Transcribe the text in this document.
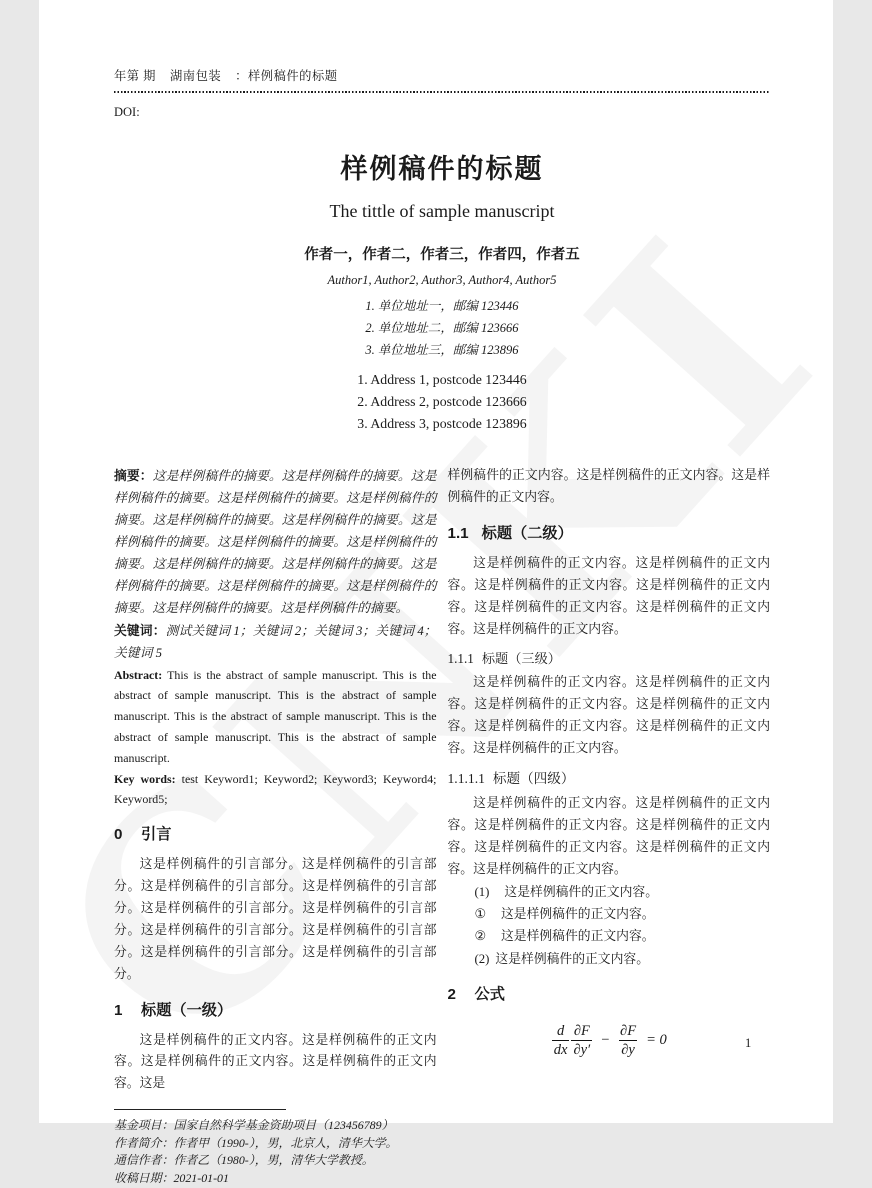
年第 期 湖南包装 ：样例稿件的标题
DOI:
样例稿件的标题
The tittle of sample manuscript
作者一，作者二，作者三，作者四，作者五
Author1, Author2, Author3, Author4, Author5
1. 单位地址一，邮编 123446
2. 单位地址二，邮编 123666
3. 单位地址三，邮编 123896
1. Address 1, postcode 123446
2. Address 2, postcode 123666
3. Address 3, postcode 123896

摘要：这是样例稿件的摘要。这是样例稿件的摘要。这是样例稿件的摘要。这是样例稿件的摘要。这是样例稿件的摘要。这是样例稿件的摘要。这是样例稿件的摘要。这是样例稿件的摘要。这是样例稿件的摘要。这是样例稿件的摘要。这是样例稿件的摘要。这是样例稿件的摘要。这是样例稿件的摘要。这是样例稿件的摘要。这是样例稿件的摘要。这是样例稿件的摘要。这是样例稿件的摘要。

关键词：测试关键词 1；关键词 2；关键词 3；关键词 4；关键词 5

Abstract: This is the abstract of sample manuscript. This is the abstract of sample manuscript. This is the abstract of sample manuscript. This is the abstract of sample manuscript. This is the abstract of sample manuscript. This is the abstract of sample manuscript.

Key words: test Keyword1; Keyword2; Keyword3; Keyword4; Keyword5;

0 引言

这是样例稿件的引言部分。这是样例稿件的引言部分。这是样例稿件的引言部分。这是样例稿件的引言部分。这是样例稿件的引言部分。这是样例稿件的引言部分。这是样例稿件的引言部分。这是样例稿件的引言部分。这是样例稿件的引言部分。这是样例稿件的引言部分。

1 标题（一级）

这是样例稿件的正文内容。这是样例稿件的正文内容。这是样例稿件的正文内容。这是样例稿件的正文内容。这是

基金项目：国家自然科学基金资助项目（123456789）

作者简介：作者甲（1990-），男，北京人，清华大学。

通信作者：作者乙（1980-），男，清华大学教授。

收稿日期：2021-01-01

样例稿件的正文内容。这是样例稿件的正文内容。这是样例稿件的正文内容。

1.1 标题（二级）

这是样例稿件的正文内容。这是样例稿件的正文内容。这是样例稿件的正文内容。这是样例稿件的正文内容。这是样例稿件的正文内容。这是样例稿件的正文内容。这是样例稿件的正文内容。

1.1.1 标题（三级）

这是样例稿件的正文内容。这是样例稿件的正文内容。这是样例稿件的正文内容。这是样例稿件的正文内容。这是样例稿件的正文内容。这是样例稿件的正文内容。这是样例稿件的正文内容。

1.1.1.1 标题（四级）

这是样例稿件的正文内容。这是样例稿件的正文内容。这是样例稿件的正文内容。这是样例稿件的正文内容。这是样例稿件的正文内容。这是样例稿件的正文内容。这是样例稿件的正文内容。

(1) 这是样例稿件的正文内容。
① 这是样例稿件的正文内容。
② 这是样例稿件的正文内容。
(2) 这是样例稿件的正文内容。
2 公式
$\frac{d}{dx} \frac{\partial F}{\partial y'} - \frac{\partial F}{\partial y} = 0$	1
